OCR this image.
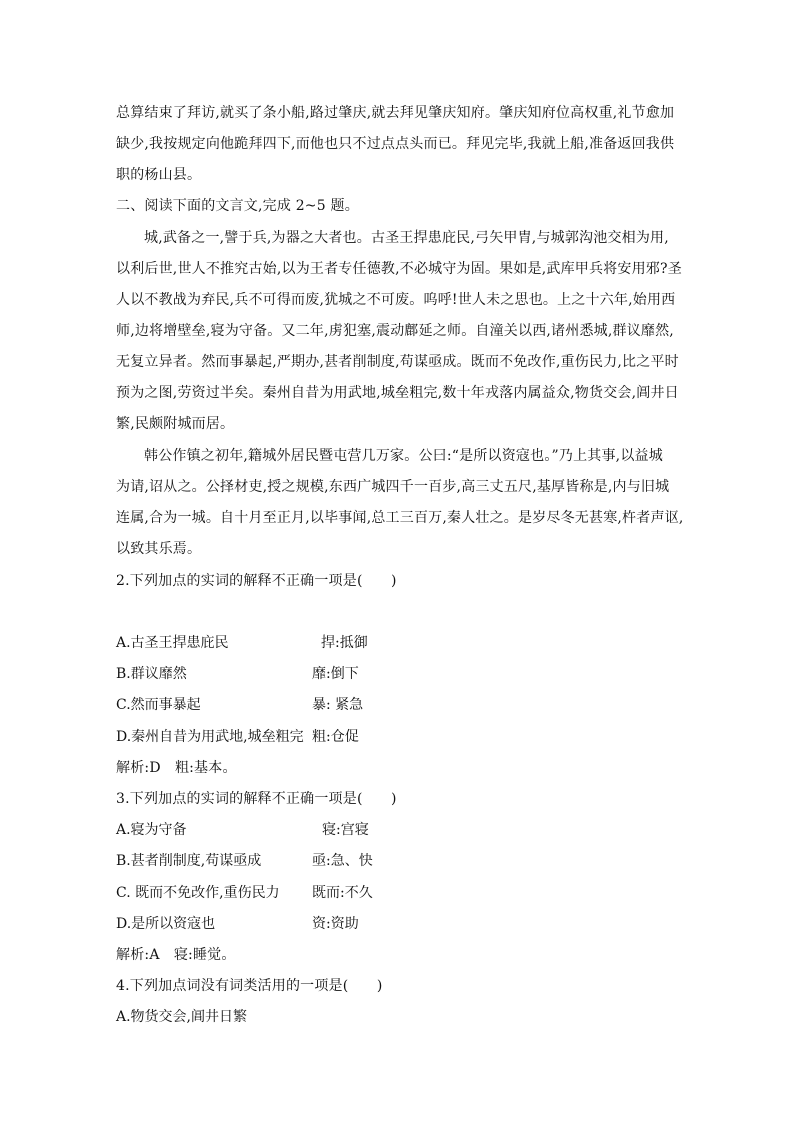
总算结束了拜访,就买了条小船,路过肇庆,就去拜见肇庆知府。肇庆知府位高权重,礼节愈加
缺少,我按规定向他跪拜四下,而他也只不过点点头而已。拜见完毕,我就上船,准备返回我供
职的杨山县。
二、阅读下面的文言文,完成 2~5 题。
城,武备之一,譬于兵,为器之大者也。古圣王捍患庇民,弓矢甲胄,与城郭沟池交相为用,
以利后世,世人不推究古始,以为王者专任德教,不必城守为固。果如是,武库甲兵将安用邪?圣
人以不教战为弃民,兵不可得而废,犹城之不可废。呜呼!世人未之思也。上之十六年,始用西
师,边将增壁垒,寝为守备。又二年,虏犯塞,震动鄜延之师。自潼关以西,诸州悉城,群议靡然,
无复立异者。然而事暴起,严期办,甚者削制度,苟谋亟成。既而不免改作,重伤民力,比之平时
预为之图,劳资过半矣。秦州自昔为用武地,城垒粗完,数十年戎落内属益众,物货交会,阊井日
繁,民颇附城而居。
韩公作镇之初年,籍城外居民暨屯营几万家。公曰:“是所以资寇也。”乃上其事,以益城
为请,诏从之。公择材吏,授之规模,东西广城四千一百步,高三丈五尺,基厚皆称是,内与旧城
连属,合为一城。自十月至正月,以毕事闻,总工三百万,秦人壮之。是岁尽冬无甚寒,杵者声讴,
以致其乐焉。
2.下列加点的实词的解释不正确一项是(　　)
A.古圣王捍患庇民	捍:抵御
B.群议靡然	靡:倒下
C.然而事暴起	暴: 紧急
D.秦州自昔为用武地,城垒粗完 粗:仓促
解析:D　粗:基本。
3.下列加点的实词的解释不正确一项是(　　)
A.寝为守备	寝:宫寝
B.甚者削制度,苟谋亟成	亟:急、快
C. 既而不免改作,重伤民力 既而:不久
D.是所以资寇也	资:资助
解析:A　寝:睡觉。
4.下列加点词没有词类活用的一项是(　　)
A.物货交会,阊井日繁
